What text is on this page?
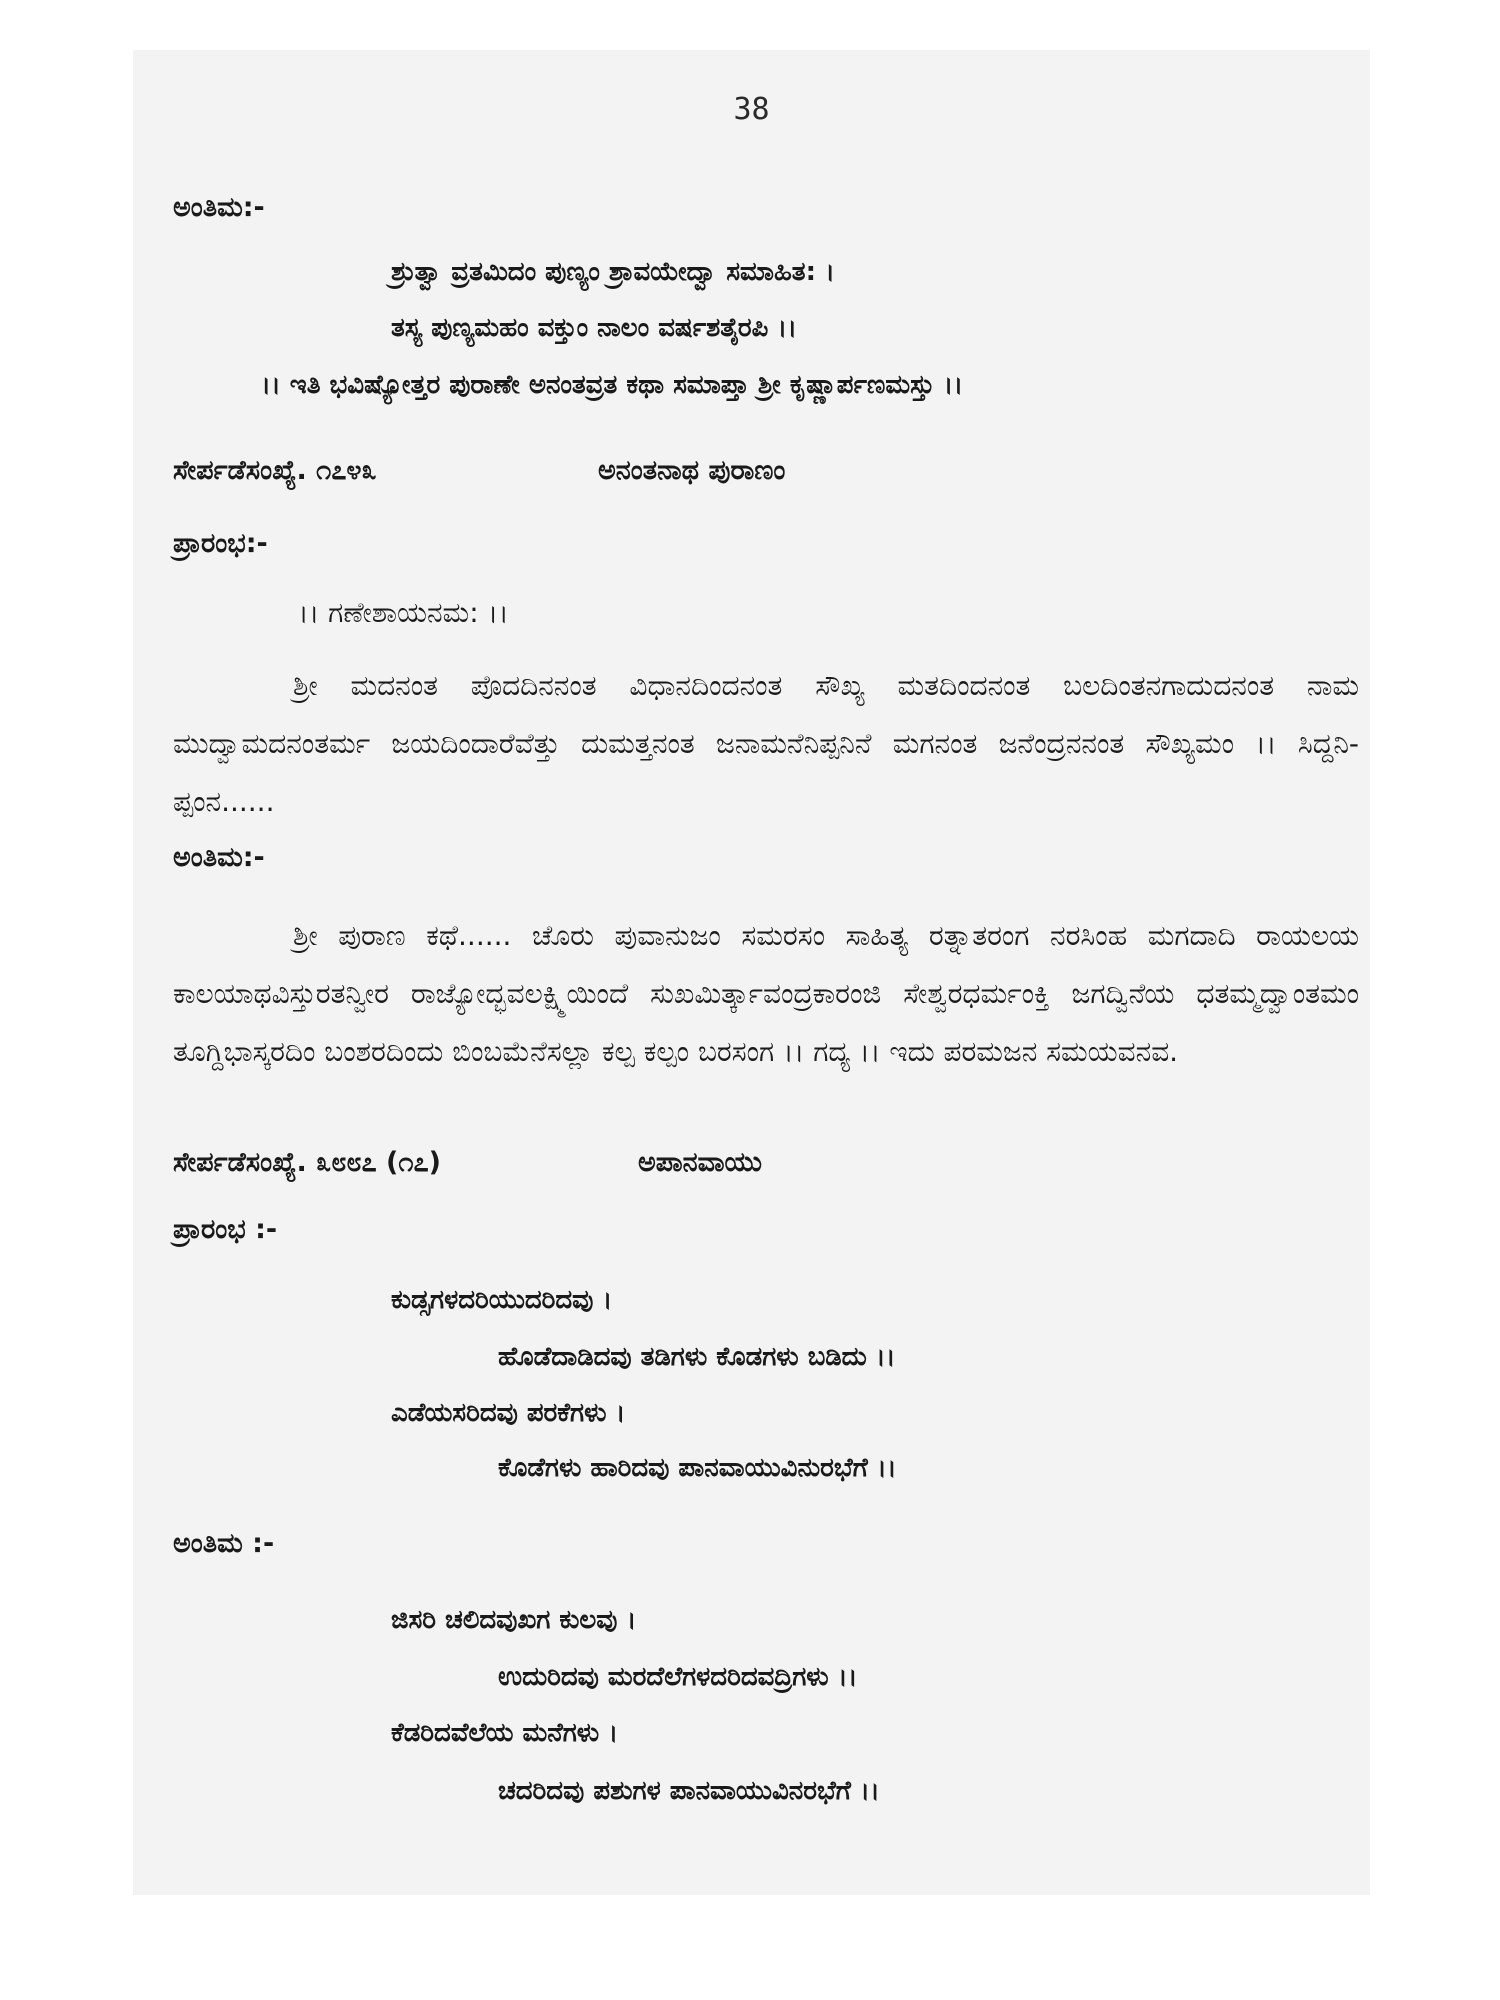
38
ಅಂತಿಮ:-
ಶ್ರುತ್ವಾ ವ್ರತಮಿದಂ ಪುಣ್ಯಂ ಶ್ರಾವಯೇದ್ವಾ ಸಮಾಹಿತ: ।
ತಸ್ಯ ಪುಣ್ಯಮಹಂ ವಕ್ತುಂ ನಾಲಂ ವರ್ಷಶತೈರಪಿ ।।
।। ಇತಿ ಭವಿಷ್ಯೋತ್ತರ ಪುರಾಣೇ ಅನಂತವ್ರತ ಕಥಾ ಸಮಾಪ್ತಾ ಶ್ರೀ ಕೃಷ್ಣಾರ್ಪಣಮಸ್ತು ।।
ಸೇರ್ಪಡೆಸಂಖ್ಯೆ. ೧೭೪೩	ಅನಂತನಾಥ ಪುರಾಣಂ
ಪ್ರಾರಂಭ:-
।। ಗಣೇಶಾಯನಮ: ।।

ಶ್ರೀ ಮದನಂತ ಪೊದದಿನನಂತ ವಿಧಾನದಿಂದನಂತ ಸೌಖ್ಯ ಮತದಿಂದನಂತ ಬಲದಿಂತನಗಾದುದನಂತ ನಾಮ ಮುದ್ವಾಮದನಂತರ್ಮ ಜಯದಿಂದಾರೆವೆತ್ತು ದುಮತ್ತನಂತ ಜನಾಮನೆನಿಪ್ಪನಿನೆ ಮಗನಂತ ಜನೆಂದ್ರನನಂತ ಸೌಖ್ಯಮಂ ।। ಸಿದ್ದನಿ-ಪ್ಪಂನ......

ಅಂತಿಮ:-

ಶ್ರೀ ಪುರಾಣ ಕಥೆ...... ಚೊರು ಪುವಾನುಜಂ ಸಮರಸಂ ಸಾಹಿತ್ಯ ರತ್ನಾತರಂಗ ನರಸಿಂಹ ಮಗದಾದಿ ರಾಯಲಯ ಕಾಲಯಾಥವಿಸ್ತುರತನ್ವೀರ ರಾಜ್ಯೋದ್ಭವಲಕ್ಷ್ಮಿಯಿಂದೆ ಸುಖಮಿರ್ತ್ಕಾವಂದ್ರಕಾರಂಜಿ ಸೇಶ್ವರಧರ್ಮಂಕ್ತಿ ಜಗದ್ವಿನೆಯ ಧತಮ್ಮದ್ವಾಂತಮಂ ತೂಗ್ದಿಭಾಸ್ಕರದಿಂ ಬಂಶರದಿಂದು ಬಿಂಬಮೆನೆಸಲ್ಲಾ ಕಲ್ಪ ಕಲ್ಪಂ ಬರಸಂಗ ।। ಗದ್ಯ ।। ಇದು ಪರಮಜನ ಸಮಯವನವ.

ಸೇರ್ಪಡೆಸಂಖ್ಯೆ. ೩೮೮೭ (೧೭)	ಅಪಾನವಾಯು
ಪ್ರಾರಂಭ :-
ಕುಡ್ಸಗಳದರಿಯುದರಿದವು ।
ಹೊಡೆದಾಡಿದವು ತಡಿಗಳು ಕೊಡಗಳು ಬಡಿದು ।।
ಎಡೆಯಸರಿದವು ಪರಕೆಗಳು ।
ಕೊಡೆಗಳು ಹಾರಿದವು ಪಾನವಾಯುವಿನುರಭೆಗೆ ।।
ಅಂತಿಮ :-
ಜಿಸರಿ ಚಲಿದವುಖಗ ಕುಲವು ।
ಉದುರಿದವು ಮರದೆಲೆಗಳದರಿದವದ್ರಿಗಳು ।।
ಕೆಡರಿದವೆಲೆಯ ಮನೆಗಳು ।
ಚದರಿದವು ಪಶುಗಳ ಪಾನವಾಯುವಿನರಭೆಗೆ ।।
